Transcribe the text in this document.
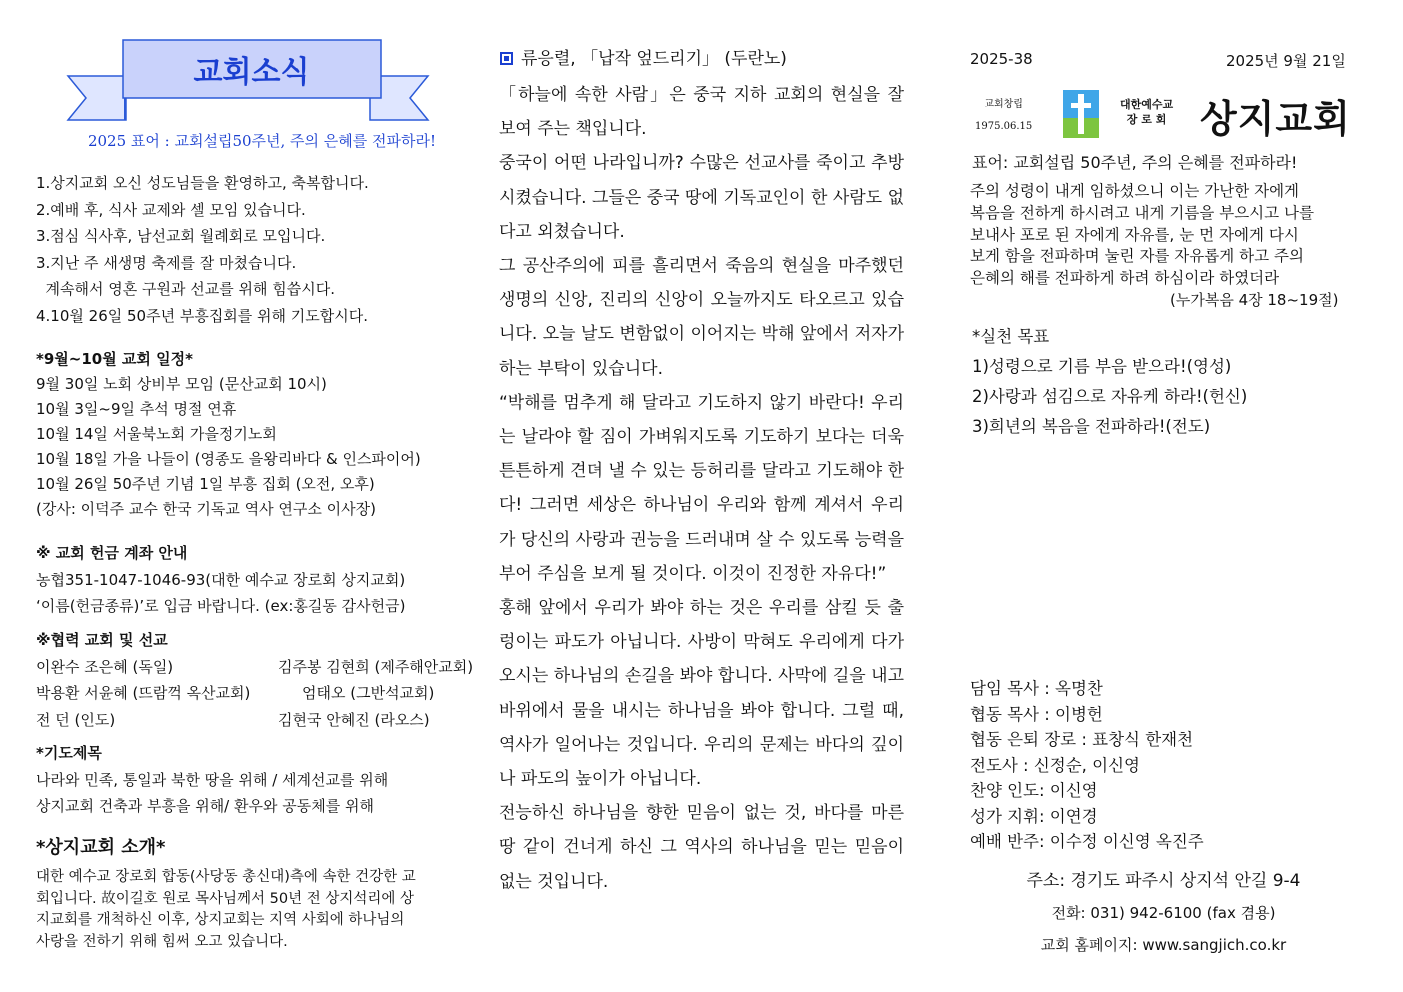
교회소식
2025 표어 : 교회설립50주년, 주의 은혜를 전파하라!

1.상지교회 오신 성도님들을 환영하고, 축복합니다.

2.예배 후, 식사 교제와 셀 모임 있습니다.

3.점심 식사후, 남선교회 월례회로 모입니다.

3.지난 주 새생명 축제를 잘 마쳤습니다.

계속해서 영혼 구원과 선교를 위해 힘씁시다.

4.10월 26일 50주년 부흥집회를 위해 기도합시다.

*9월~10월 교회 일정*

9월 30일 노회 상비부 모임 (문산교회 10시)

10월 3일~9일 추석 명절 연휴

10월 14일 서울북노회 가을정기노회

10월 18일 가을 나들이 (영종도 을왕리바다 & 인스파이어)

10월 26일 50주년 기념 1일 부흥 집회 (오전, 오후)

(강사: 이덕주 교수 한국 기독교 역사 연구소 이사장)

※ 교회 헌금 계좌 안내

농협351-1047-1046-93(대한 예수교 장로회 상지교회)

‘이름(헌금종류)’로 입금 바랍니다. (ex:홍길동 감사헌금)

※협력 교회 및 선교

이완수 조은혜 (독일)	김주봉 김현희 (제주해안교회)

박용환 서윤혜 (뜨람꺽 옥산교회)	엄태오 (그반석교회)

전 던 (인도)	김현국 안혜진 (라오스)

*기도제목

나라와 민족, 통일과 북한 땅을 위해 / 세계선교를 위해

상지교회 건축과 부흥을 위해/ 환우와 공동체를 위해

*상지교회 소개*

대한 예수교 장로회 합동(사당동 총신대)측에 속한 건강한 교

회입니다. 故이길호 원로 목사님께서 50년 전 상지석리에 상

지교회를 개척하신 이후, 상지교회는 지역 사회에 하나님의

사랑을 전하기 위해 힘써 오고 있습니다.

류응렬, 「납작 엎드리기」 (두란노)

「하늘에 속한 사람」은 중국 지하 교회의 현실을 잘 보여 주는 책입니다.

중국이 어떤 나라입니까? 수많은 선교사를 죽이고 추방시켰습니다. 그들은 중국 땅에 기독교인이 한 사람도 없다고 외쳤습니다.

그 공산주의에 피를 흘리면서 죽음의 현실을 마주했던 생명의 신앙, 진리의 신앙이 오늘까지도 타오르고 있습니다. 오늘 날도 변함없이 이어지는 박해 앞에서 저자가 하는 부탁이 있습니다.

“박해를 멈추게 해 달라고 기도하지 않기 바란다! 우리는 날라야 할 짐이 가벼워지도록 기도하기 보다는 더욱 튼튼하게 견뎌 낼 수 있는 등허리를 달라고 기도해야 한다! 그러면 세상은 하나님이 우리와 함께 계셔서 우리가 당신의 사랑과 권능을 드러내며 살 수 있도록 능력을 부어 주심을 보게 될 것이다. 이것이 진정한 자유다!”

홍해 앞에서 우리가 봐야 하는 것은 우리를 삼킬 듯 출렁이는 파도가 아닙니다. 사방이 막혀도 우리에게 다가오시는 하나님의 손길을 봐야 합니다. 사막에 길을 내고 바위에서 물을 내시는 하나님을 봐야 합니다. 그럴 때, 역사가 일어나는 것입니다. 우리의 문제는 바다의 깊이나 파도의 높이가 아닙니다.

전능하신 하나님을 향한 믿음이 없는 것, 바다를 마른 땅 같이 건너게 하신 그 역사의 하나님을 믿는 믿음이 없는 것입니다.

2025-38	2025년 9월 21일
교회창립
1975.06.15
대한예수교
장 로 회 상지교회
표어: 교회설립 50주년, 주의 은혜를 전파하라!

주의 성령이 내게 임하셨으니 이는 가난한 자에게

복음을 전하게 하시려고 내게 기름을 부으시고 나를

보내사 포로 된 자에게 자유를, 눈 먼 자에게 다시

보게 함을 전파하며 눌린 자를 자유롭게 하고 주의

은혜의 해를 전파하게 하려 하심이라 하였더라

(누가복음 4장 18~19절)

*실천 목표

1)성령으로 기름 부음 받으라!(영성)

2)사랑과 섬김으로 자유케 하라!(헌신)

3)희년의 복음을 전파하라!(전도)

담임 목사 : 옥명찬

협동 목사 : 이병헌

협동 은퇴 장로 : 표창식 한재천

전도사 : 신정순, 이신영

찬양 인도: 이신영

성가 지휘: 이연경

예배 반주: 이수정 이신영 옥진주

주소: 경기도 파주시 상지석 안길 9-4
전화: 031) 942-6100 (fax 겸용)
교회 홈페이지: www.sangjich.co.kr
